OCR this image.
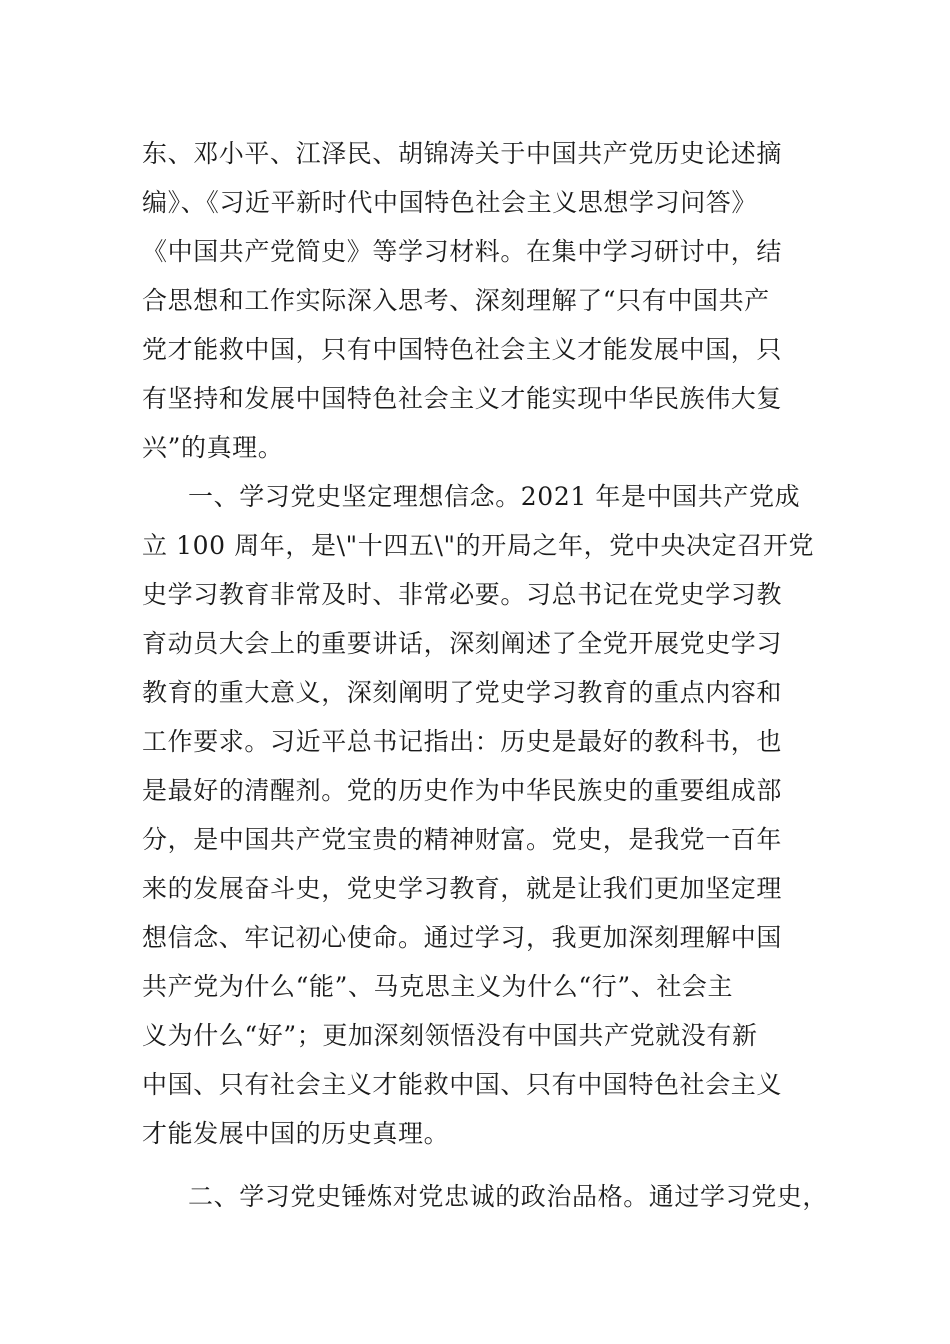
东、邓小平、江泽民、胡锦涛关于中国共产党历史论述摘
编》、《习近平新时代中国特色社会主义思想学习问答》
《中国共产党简史》等学习材料。在集中学习研讨中，结
合思想和工作实际深入思考、深刻理解了“只有中国共产
党才能救中国，只有中国特色社会主义才能发展中国，只
有坚持和发展中国特色社会主义才能实现中华民族伟大复
兴”的真理。
一、学习党史坚定理想信念。2021 年是中国共产党成
立 100 周年，是\"十四五\"的开局之年，党中央决定召开党
史学习教育非常及时、非常必要。习总书记在党史学习教
育动员大会上的重要讲话，深刻阐述了全党开展党史学习
教育的重大意义，深刻阐明了党史学习教育的重点内容和
工作要求。习近平总书记指出：历史是最好的教科书，也
是最好的清醒剂。党的历史作为中华民族史的重要组成部
分，是中国共产党宝贵的精神财富。党史，是我党一百年
来的发展奋斗史，党史学习教育，就是让我们更加坚定理
想信念、牢记初心使命。通过学习，我更加深刻理解中国
共产党为什么“能”、马克思主义为什么“行”、社会主
义为什么“好”；更加深刻领悟没有中国共产党就没有新
中国、只有社会主义才能救中国、只有中国特色社会主义
才能发展中国的历史真理。
二、学习党史锤炼对党忠诚的政治品格。通过学习党史，
